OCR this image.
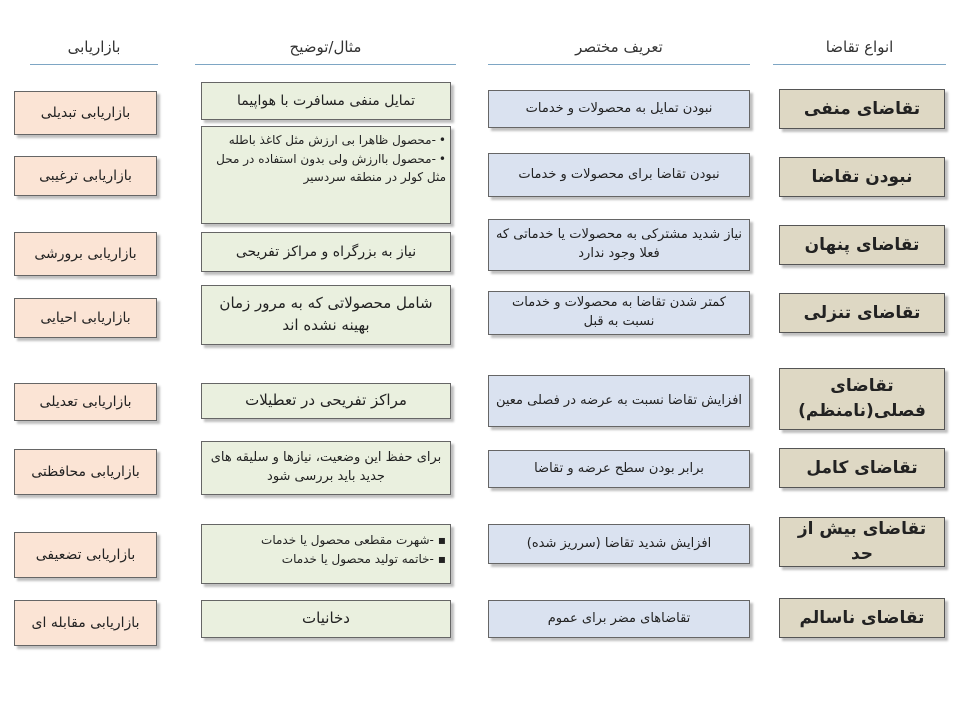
انواع تقاضا
تعریف مختصر
مثال/توضیح
بازاریابی
تقاضای منفی
نبودن تمایل به محصولات و خدمات
تمایل منفی مسافرت با هواپیما
بازاریابی تبدیلی
نبودن تقاضا
نبودن تقاضا برای محصولات و خدمات
• -محصول ظاهرا بی ارزش مثل کاغذ باطله
• -محصول باارزش ولی بدون استفاده در محل مثل کولر در منطقه سردسیر
بازاریابی ترغیبی
تقاضای پنهان
نیاز شدید مشترکی به محصولات یا خدماتی که فعلا وجود ندارد
نیاز به بزرگراه و مراکز تفریحی
بازاریابی برورشی
تقاضای تنزلی
کمتر شدن تقاضا به محصولات و خدمات نسبت به قبل
شامل محصولاتی که به مرور زمان بهینه نشده اند
بازاریابی احیایی
تقاضای فصلی(نامنظم)
افزایش تقاضا نسبت به عرضه در فصلی معین
مراکز تفریحی در تعطیلات
بازاریابی تعدیلی
تقاضای کامل
برابر بودن سطح عرضه و تقاضا
برای حفظ این وضعیت، نیازها و سلیقه های جدید باید بررسی شود
بازاریابی محافظتی
تقاضای بیش از حد
افزایش شدید تقاضا (سرریز شده)
▪ -شهرت مقطعی محصول یا خدمات
▪ -خاتمه تولید محصول یا خدمات
بازاریابی تضعیفی
تقاضای ناسالم
تقاضاهای مضر برای عموم
دخانیات
بازاریابی مقابله ای
